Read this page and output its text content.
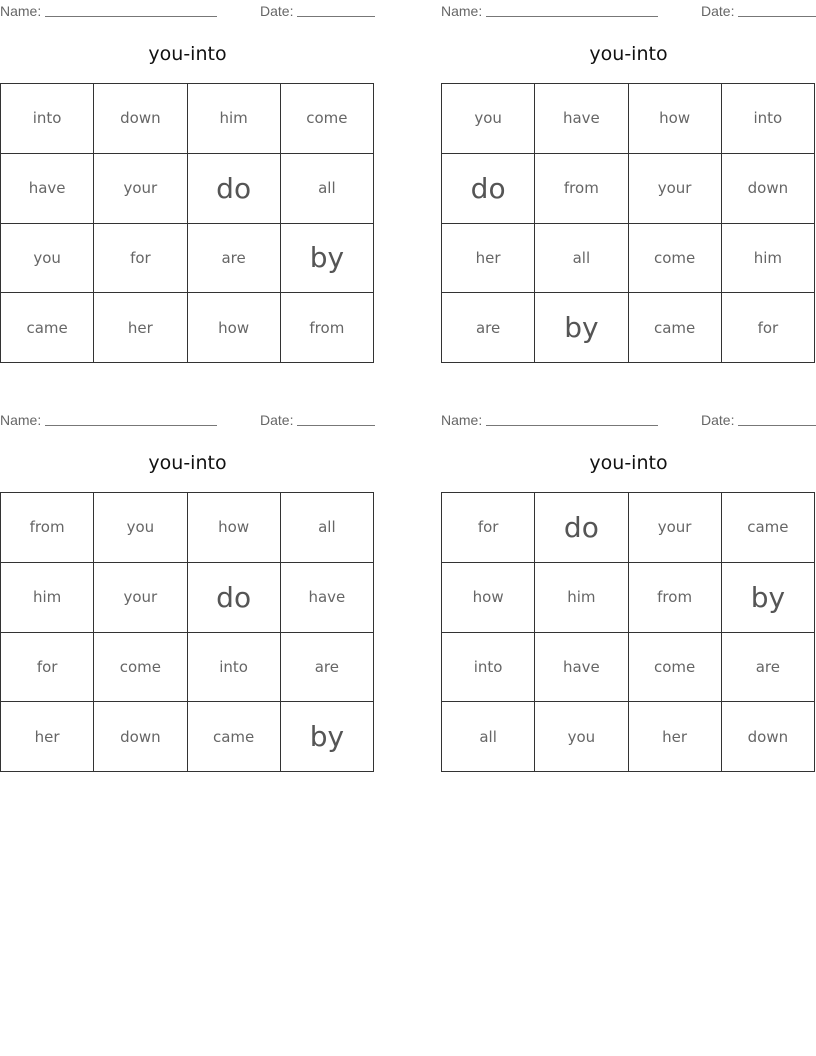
Name:	Date:
you-into
into	down	him	come
have	your	do	all
you	for	are	by
came	her	how	from
Name:	Date:
you-into
you	have	how	into
do	from	your	down
her	all	come	him
are	by	came	for
Name:	Date:
you-into
from	you	how	all
him	your	do	have
for	come	into	are
her	down	came	by
Name:	Date:
you-into
for	do	your	came
how	him	from	by
into	have	come	are
all	you	her	down
